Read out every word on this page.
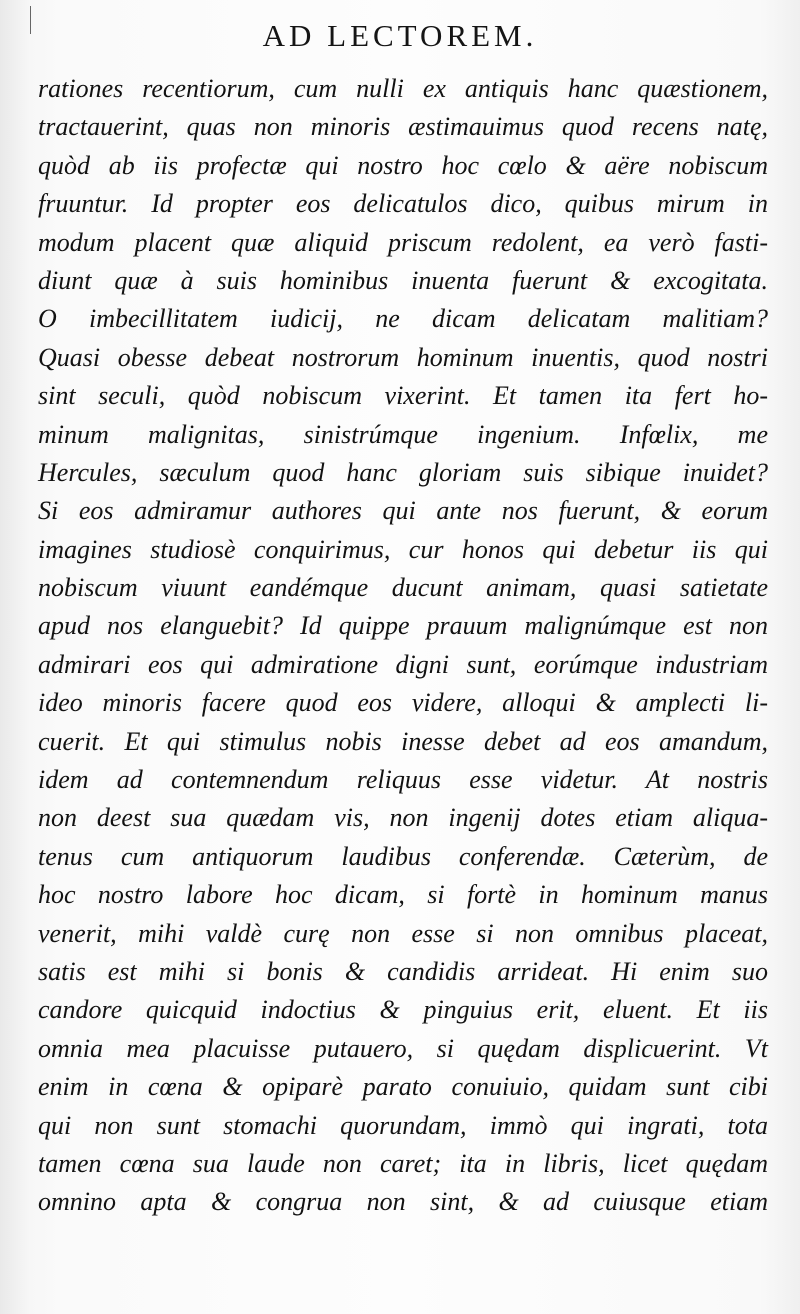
AD LECTOREM.
rationes recentiorum, cum nulli ex antiquis hanc quæstionem,
tractauerint, quas non minoris æstimauimus quod recens natę,
quòd ab iis profectæ qui nostro hoc cœlo & aëre nobiscum
fruuntur. Id propter eos delicatulos dico, quibus mirum in
modum placent quæ aliquid priscum redolent, ea verò fasti-
diunt quæ à suis hominibus inuenta fuerunt & excogitata.
O imbecillitatem iudicij, ne dicam delicatam malitiam?
Quasi obesse debeat nostrorum hominum inuentis, quod nostri
sint seculi, quòd nobiscum vixerint. Et tamen ita fert ho-
minum malignitas, sinistrúmque ingenium. Infœlix, me
Hercules, sæculum quod hanc gloriam suis sibique inuidet?
Si eos admiramur authores qui ante nos fuerunt, & eorum
imagines studiosè conquirimus, cur honos qui debetur iis qui
nobiscum viuunt eandémque ducunt animam, quasi satietate
apud nos elanguebit? Id quippe prauum malignúmque est non
admirari eos qui admiratione digni sunt, eorúmque industriam
ideo minoris facere quod eos videre, alloqui & amplecti li-
cuerit. Et qui stimulus nobis inesse debet ad eos amandum,
idem ad contemnendum reliquus esse videtur. At nostris
non deest sua quædam vis, non ingenij dotes etiam aliqua-
tenus cum antiquorum laudibus conferendæ. Cæterùm, de
hoc nostro labore hoc dicam, si fortè in hominum manus
venerit, mihi valdè curę non esse si non omnibus placeat,
satis est mihi si bonis & candidis arrideat. Hi enim suo
candore quicquid indoctius & pinguius erit, eluent. Et iis
omnia mea placuisse putauero, si quędam displicuerint. Vt
enim in cœna & opiparè parato conuiuio, quidam sunt cibi
qui non sunt stomachi quorundam, immò qui ingrati, tota
tamen cœna sua laude non caret; ita in libris, licet quędam
omnino apta & congrua non sint, & ad cuiusque etiam
